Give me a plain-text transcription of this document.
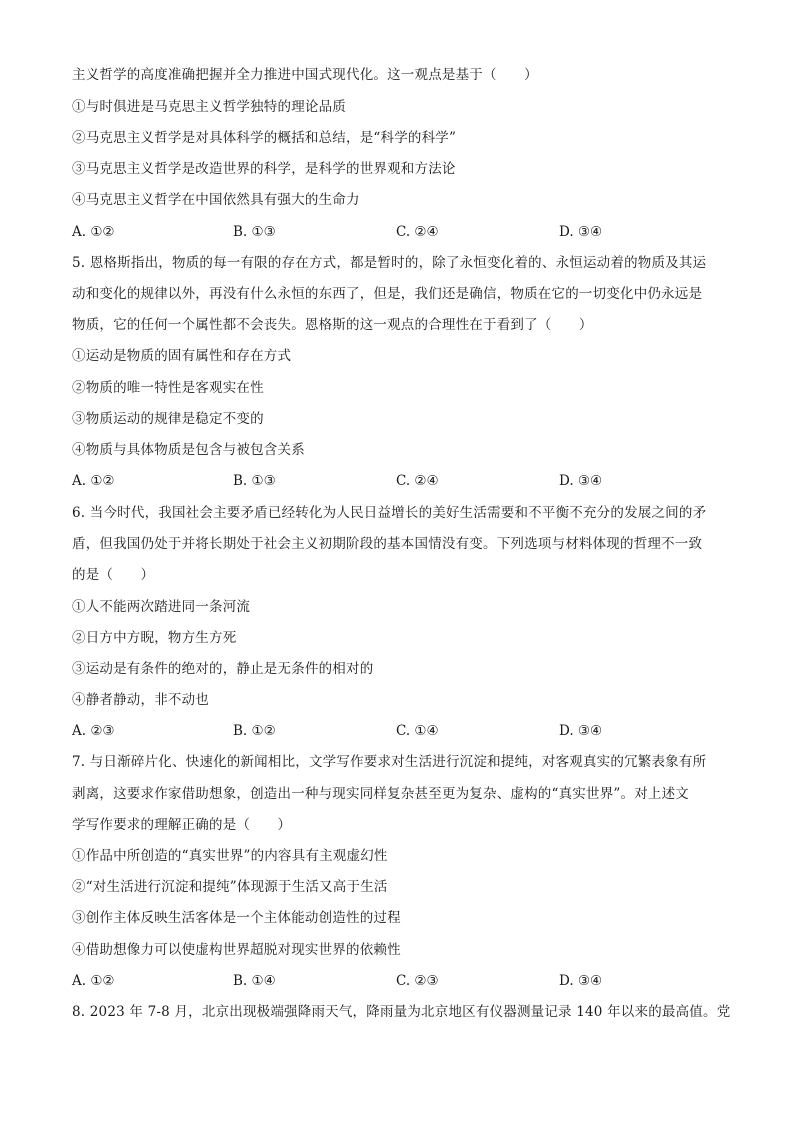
主义哲学的高度准确把握并全力推进中国式现代化。这一观点是基于（　　）
①与时俱进是马克思主义哲学独特的理论品质
②马克思主义哲学是对具体科学的概括和总结，是“科学的科学”
③马克思主义哲学是改造世界的科学，是科学的世界观和方法论
④马克思主义哲学在中国依然具有强大的生命力
A. ①②	B. ①③	C. ②④	D. ③④
5. 恩格斯指出，物质的每一有限的存在方式，都是暂时的，除了永恒变化着的、永恒运动着的物质及其运
动和变化的规律以外，再没有什么永恒的东西了，但是，我们还是确信，物质在它的一切变化中仍永远是
物质，它的任何一个属性都不会丧失。恩格斯的这一观点的合理性在于看到了（　　）
①运动是物质的固有属性和存在方式
②物质的唯一特性是客观实在性
③物质运动的规律是稳定不变的
④物质与具体物质是包含与被包含关系
A. ①②	B. ①③	C. ②④	D. ③④
6. 当今时代，我国社会主要矛盾已经转化为人民日益增长的美好生活需要和不平衡不充分的发展之间的矛
盾，但我国仍处于并将长期处于社会主义初期阶段的基本国情没有变。下列选项与材料体现的哲理不一致
的是（　　）
①人不能两次踏进同一条河流
②日方中方睨，物方生方死
③运动是有条件的绝对的，静止是无条件的相对的
④静者静动，非不动也
A. ②③	B. ①②	C. ①④	D. ③④
7. 与日渐碎片化、快速化的新闻相比，文学写作要求对生活进行沉淀和提纯，对客观真实的冗繁表象有所
剥离，这要求作家借助想象，创造出一种与现实同样复杂甚至更为复杂、虚构的“真实世界”。对上述文
学写作要求的理解正确的是（　　）
①作品中所创造的“真实世界”的内容具有主观虚幻性
②“对生活进行沉淀和提纯”体现源于生活又高于生活
③创作主体反映生活客体是一个主体能动创造性的过程
④借助想像力可以使虚构世界超脱对现实世界的依赖性
A. ①②	B. ①④	C. ②③	D. ③④
8. 2023 年 7-8 月，北京出现极端强降雨天气，降雨量为北京地区有仪器测量记录 140 年以来的最高值。党
